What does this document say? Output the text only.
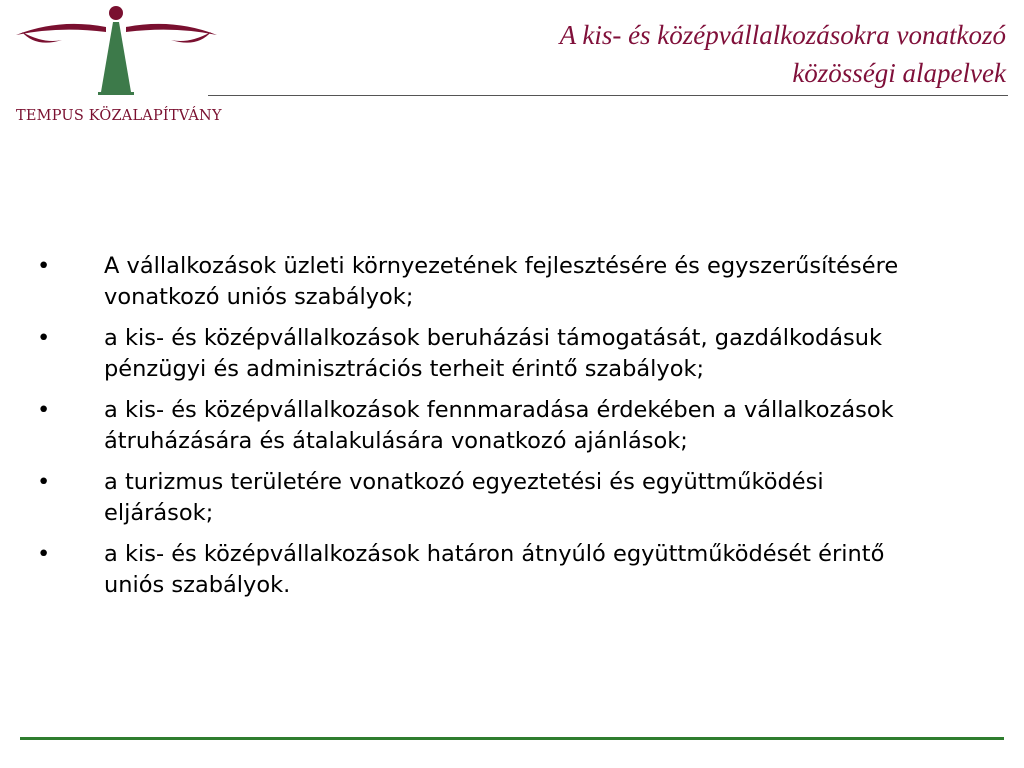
TEMPUS KÖZALAPÍTVÁNY
A kis- és középvállalkozásokra vonatkozó
közösségi alapelvek
• A vállalkozások üzleti környezetének fejlesztésére és egyszerűsítésére vonatkozó uniós szabályok;
• a kis- és középvállalkozások beruházási támogatását, gazdálkodásuk pénzügyi és adminisztrációs terheit érintő szabályok;
• a kis- és középvállalkozások fennmaradása érdekében a vállalkozások átruházására és átalakulására vonatkozó ajánlások;
• a turizmus területére vonatkozó egyeztetési és együttműködési eljárások;
• a kis- és középvállalkozások határon átnyúló együttműködését érintő uniós szabályok.
